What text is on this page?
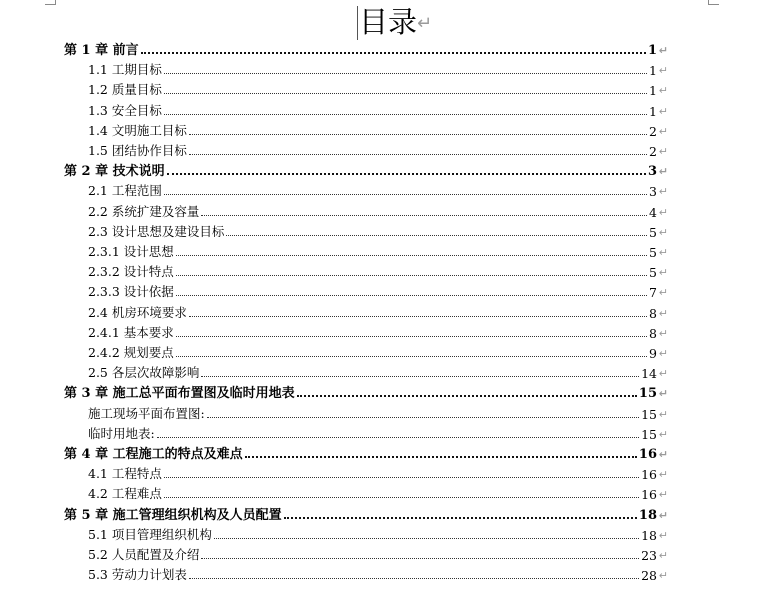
目录↵
第 1 章 前言	1 ↵
1.1 工期目标	1 ↵
1.2 质量目标	1 ↵
1.3 安全目标	1 ↵
1.4 文明施工目标	2 ↵
1.5 团结协作目标	2 ↵
第 2 章 技术说明	3 ↵
2.1 工程范围	3 ↵
2.2 系统扩建及容量	4 ↵
2.3 设计思想及建设目标	5 ↵
2.3.1 设计思想	5 ↵
2.3.2 设计特点	5 ↵
2.3.3 设计依据	7 ↵
2.4 机房环境要求	8 ↵
2.4.1 基本要求	8 ↵
2.4.2 规划要点	9 ↵
2.5 各层次故障影响	14 ↵
第 3 章 施工总平面布置图及临时用地表	15 ↵
施工现场平面布置图:	15 ↵
临时用地表:	15 ↵
第 4 章 工程施工的特点及难点	16 ↵
4.1 工程特点	16 ↵
4.2 工程难点	16 ↵
第 5 章 施工管理组织机构及人员配置	18 ↵
5.1 项目管理组织机构	18 ↵
5.2 人员配置及介绍	23 ↵
5.3 劳动力计划表	28 ↵
